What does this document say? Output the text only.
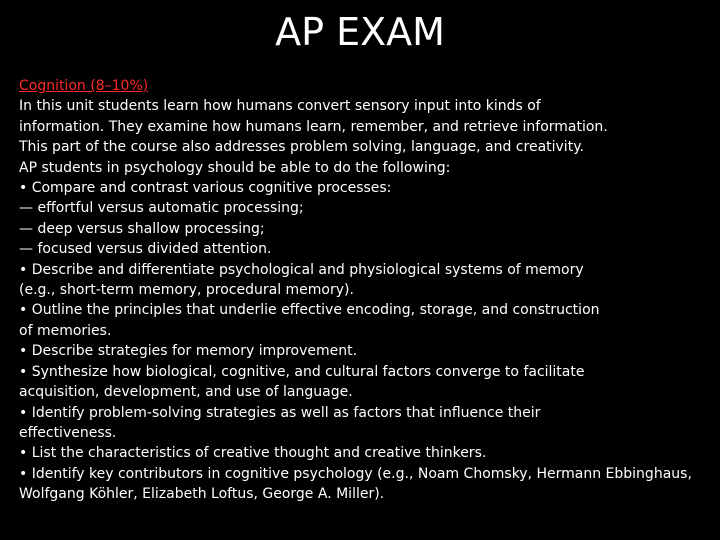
AP EXAM
Cognition (8–10%)
In this unit students learn how humans convert sensory input into kinds of
information. They examine how humans learn, remember, and retrieve information.
This part of the course also addresses problem solving, language, and creativity.
AP students in psychology should be able to do the following:
• Compare and contrast various cognitive processes:
— effortful versus automatic processing;
— deep versus shallow processing;
— focused versus divided attention.
• Describe and differentiate psychological and physiological systems of memory
(e.g., short-term memory, procedural memory).
• Outline the principles that underlie effective encoding, storage, and construction
of memories.
• Describe strategies for memory improvement.
• Synthesize how biological, cognitive, and cultural factors converge to facilitate
acquisition, development, and use of language.
• Identify problem-solving strategies as well as factors that influence their
effectiveness.
• List the characteristics of creative thought and creative thinkers.
• Identify key contributors in cognitive psychology (e.g., Noam Chomsky, Hermann Ebbinghaus,
Wolfgang Köhler, Elizabeth Loftus, George A. Miller).
